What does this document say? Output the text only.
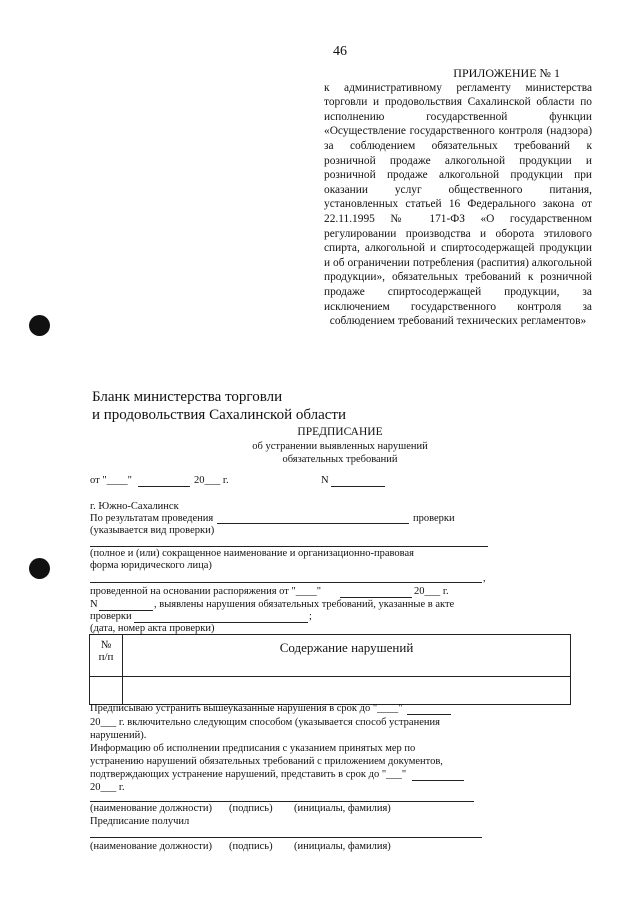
46
ПРИЛОЖЕНИЕ № 1

к административному регламенту министерства торговли и продовольствия Сахалинской области по исполнению государственной функции «Осуществление государственного контроля (надзора) за соблюдением обязательных требований к розничной продаже алкогольной продукции и розничной продаже алкогольной продукции при оказании услуг общественного питания, установленных статьей 16 Федерального закона от 22.11.1995 № 171-ФЗ «О государственном регулировании производства и оборота этилового спирта, алкогольной и спиртосодержащей продукции и об ограничении потребления (распития) алкогольной продукции», обязательных требований к розничной продаже спиртосодержащей продукции, за исключением государственного контроля за соблюдением требований технических регламентов»

Бланк министерства торговли
и продовольствия Сахалинской области
ПРЕДПИСАНИЕ
об устранении выявленных нарушений
обязательных требований
от "____"	20___ г.	N
г. Южно-Сахалинск
По результатам проведения	проверки
(указывается вид проверки)
(полное и (или) сокращенное наименование и организационно-правовая
форма юридического лица)
,
проведенной на основании распоряжения от "____"	20___ г.
N	, выявлены нарушения обязательных требований, указанные в акте
проверки	;
(дата, номер акта проверки)
№
п/п	Содержание нарушений

Предписываю устранить вышеуказанные нарушения в срок до "____"
20___ г. включительно следующим способом (указывается способ устранения
нарушений).
Информацию об исполнении предписания с указанием принятых мер по
устранению нарушений обязательных требований с приложением документов,
подтверждающих устранение нарушений, представить в срок до "___"
20___ г.
(наименование должности) (подпись) (инициалы, фамилия)
Предписание получил
(наименование должности) (подпись) (инициалы, фамилия)
